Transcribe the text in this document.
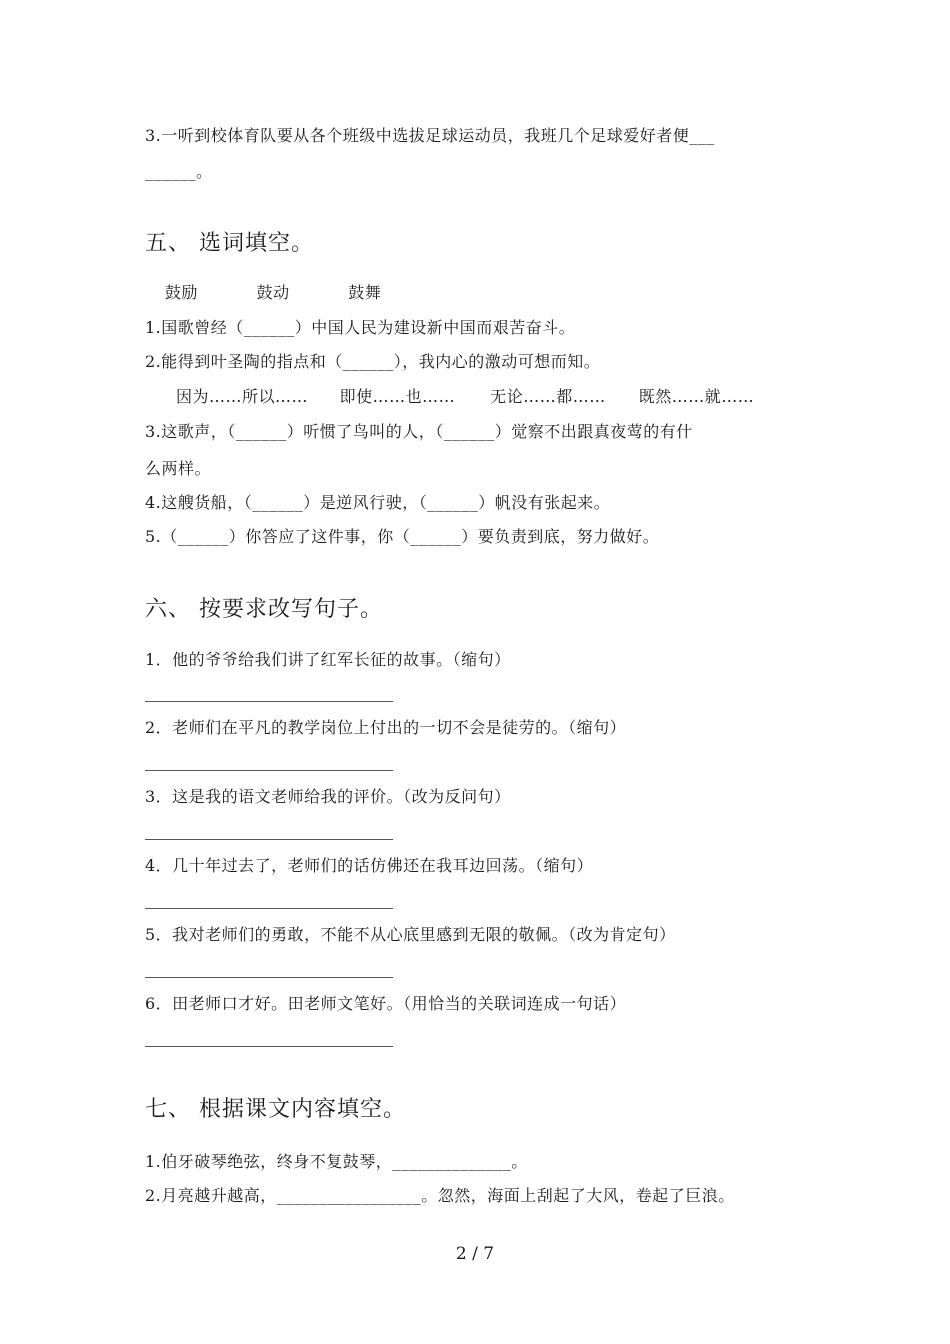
3.一听到校体育队要从各个班级中选拔足球运动员，我班几个足球爱好者便___
______。
五、 选词填空。
鼓励	鼓动	鼓舞
1.国歌曾经（______）中国人民为建设新中国而艰苦奋斗。
2.能得到叶圣陶的指点和（______），我内心的激动可想而知。
因为……所以…… 即使……也…… 无论……都…… 既然……就……
3.这歌声，（______）听惯了鸟叫的人，（______）觉察不出跟真夜莺的有什
么两样。
4.这艘货船，（______）是逆风行驶，（______）帆没有张起来。
5.（______）你答应了这件事，你（______）要负责到底，努力做好。
六、 按要求改写句子。
1．他的爷爷给我们讲了红军长征的故事。（缩句）
2．老师们在平凡的教学岗位上付出的一切不会是徒劳的。（缩句）
3．这是我的语文老师给我的评价。（改为反问句）
4．几十年过去了，老师们的话仿佛还在我耳边回荡。（缩句）
5．我对老师们的勇敢，不能不从心底里感到无限的敬佩。（改为肯定句）
6．田老师口才好。田老师文笔好。（用恰当的关联词连成一句话）
七、 根据课文内容填空。
1.伯牙破琴绝弦，终身不复鼓琴，______________。
2.月亮越升越高，_________________。忽然，海面上刮起了大风，卷起了巨浪。
2 / 7
